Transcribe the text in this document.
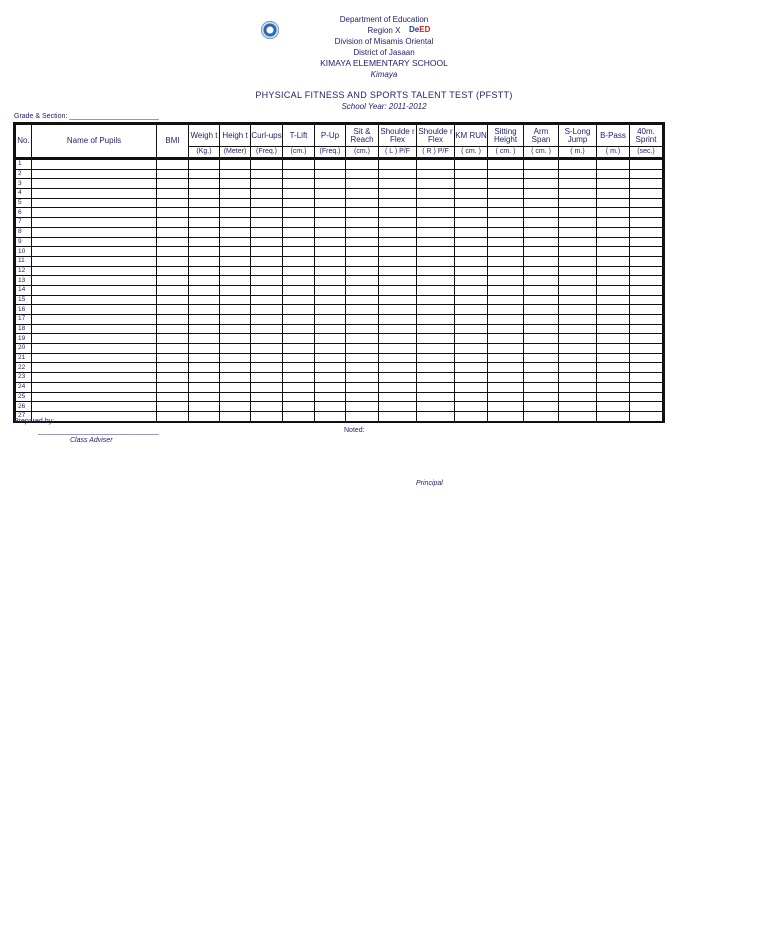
DeED
Department of Education
Region X
Division of Misamis Oriental
District of Jasaan
KIMAYA ELEMENTARY SCHOOL
Kimaya
PHYSICAL FITNESS AND SPORTS TALENT TEST (PFSTT)
School Year: 2011-2012
Grade & Section: _______________________
No.	Name of Pupils	BMI	Weigh t	Heigh t	Curl-ups	T-Lift	P-Up	Sit & Reach	Shoulde r Flex	Shoulde r Flex	KM RUN	Sitting Height	Arm Span	S-Long Jump	B-Pass	40m. Sprint
			(Kg.)	(Meter)	(Freq.)	(cm.)	(Freq.)	(cm.)	( L ) P/F	( R ) P/F	( cm. )	( cm. )	( cm. )	( m.)	( m.)	(sec.)
1																
2																
3																
4																
5																
6																
7																
8																
9																
10																
11																
12																
13																
14																
15																
16																
17																
18																
19																
20																
21																
22																
23																
24																
25																
26																
27																
Prepared by:
_______________________________
Class Adviser
Noted:
Principal
